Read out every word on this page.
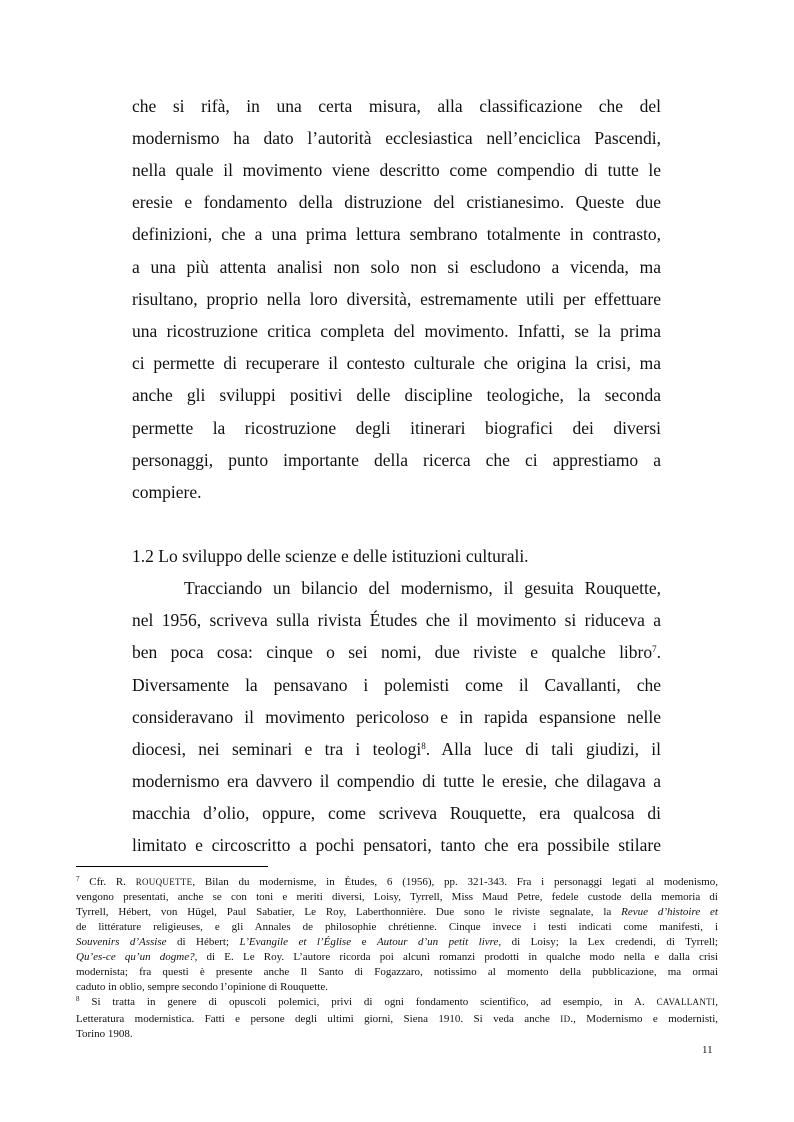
che si rifà, in una certa misura, alla classificazione che del
modernismo ha dato l’autorità ecclesiastica nell’enciclica Pascendi,
nella quale il movimento viene descritto come compendio di tutte le
eresie e fondamento della distruzione del cristianesimo. Queste due
definizioni, che a una prima lettura sembrano totalmente in contrasto,
a una più attenta analisi non solo non si escludono a vicenda, ma
risultano, proprio nella loro diversità, estremamente utili per effettuare
una ricostruzione critica completa del movimento. Infatti, se la prima
ci permette di recuperare il contesto culturale che origina la crisi, ma
anche gli sviluppi positivi delle discipline teologiche, la seconda
permette la ricostruzione degli itinerari biografici dei diversi
personaggi, punto importante della ricerca che ci apprestiamo a
compiere.
1.2 Lo sviluppo delle scienze e delle istituzioni culturali.
Tracciando un bilancio del modernismo, il gesuita Rouquette,
nel 1956, scriveva sulla rivista Études che il movimento si riduceva a
ben poca cosa: cinque o sei nomi, due riviste e qualche libro$^7$.
Diversamente la pensavano i polemisti come il Cavallanti, che
consideravano il movimento pericoloso e in rapida espansione nelle
diocesi, nei seminari e tra i teologi$^8$. Alla luce di tali giudizi, il
modernismo era davvero il compendio di tutte le eresie, che dilagava a
macchia d’olio, oppure, come scriveva Rouquette, era qualcosa di
limitato e circoscritto a pochi pensatori, tanto che era possibile stilare
$^7$ Cfr. R. ROUQUETTE, Bilan du modernisme, in Études, 6 (1956), pp. 321-343. Fra i personaggi legati al modenismo,
vengono presentati, anche se con toni e meriti diversi, Loisy, Tyrrell, Miss Maud Petre, fedele custode della memoria di
Tyrrell, Hébert, von Hügel, Paul Sabatier, Le Roy, Laberthonnière. Due sono le riviste segnalate, la Revue d’histoire et
de littérature religieuses, e gli Annales de philosophie chrétienne. Cinque invece i testi indicati come manifesti, i
Souvenirs d’Assise di Hébert; L’Evangile et l’Église e Autour d’un petit livre, di Loisy; la Lex credendi, di Tyrrell;
Qu’es-ce qu’un dogme?, di E. Le Roy. L’autore ricorda poi alcuni romanzi prodotti in qualche modo nella e dalla crisi
modernista; fra questi è presente anche Il Santo di Fogazzaro, notissimo al momento della pubblicazione, ma ormai
caduto in oblio, sempre secondo l’opinione di Rouquette.
$^8$ Si tratta in genere di opuscoli polemici, privi di ogni fondamento scientifico, ad esempio, in A. CAVALLANTI,
Letteratura modernistica. Fatti e persone degli ultimi giorni, Siena 1910. Si veda anche ID., Modernismo e modernisti,
Torino 1908.
11
